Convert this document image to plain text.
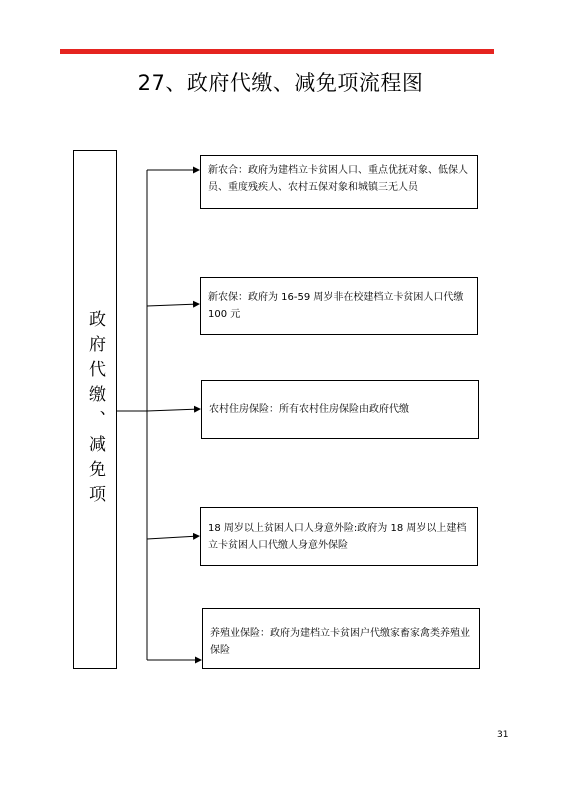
27、政府代缴、减免项流程图
政府代缴、减免项
新农合：政府为建档立卡贫困人口、重点优抚对象、低保人员、重度残疾人、农村五保对象和城镇三无人员
新农保：政府为 16-59 周岁非在校建档立卡贫困人口代缴 100 元
农村住房保险：所有农村住房保险由政府代缴
18 周岁以上贫困人口人身意外险:政府为 18 周岁以上建档立卡贫困人口代缴人身意外保险
养殖业保险：政府为建档立卡贫困户代缴家畜家禽类养殖业保险
31
